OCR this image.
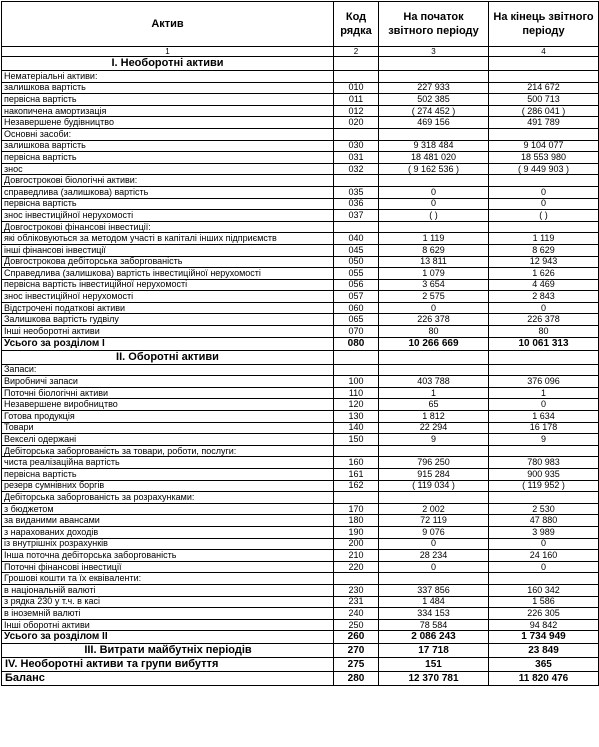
Актив	Код рядка	На початок звітного періоду	На кінець звітного періоду
1	2	3	4
І. Необоротні активи			
Нематеріальні активи:			
залишкова вартість	010	227 933	214 672
первісна вартість	011	502 385	500 713
накопичена амортизація	012	( 274 452 )	( 286 041 )
Незавершене будівництво	020	469 156	491 789
Основні засоби:			
залишкова вартість	030	9 318 484	9 104 077
первісна вартість	031	18 481 020	18 553 980
знос	032	( 9 162 536 )	( 9 449 903 )
Довгострокові біологічні активи:			
справедлива (залишкова) вартість	035	0	0
первісна вартість	036	0	0
знос інвестиційної нерухомості	037	( )	( )
Довгострокові фінансові інвестиції:			
які обліковуються за методом участі в капіталі інших підприємств	040	1 119	1 119
інші фінансові інвестиції	045	8 629	8 629
Довгострокова дебіторська заборгованість	050	13 811	12 943
Справедлива (залишкова) вартість інвестиційної нерухомості	055	1 079	1 626
первісна вартість інвестиційної нерухомості	056	3 654	4 469
знос інвестиційної нерухомості	057	2 575	2 843
Відстрочені податкові активи	060	0	0
Залишкова вартість гудвілу	065	226 378	226 378
Інші необоротні активи	070	80	80
Усього за розділом І	080	10 266 669	10 061 313
ІІ. Оборотні активи			
Запаси:			
Виробничі запаси	100	403 788	376 096
Поточні біологічні активи	110	1	1
Незавершене виробництво	120	65	0
Готова продукція	130	1 812	1 634
Товари	140	22 294	16 178
Векселі одержані	150	9	9
Дебіторська заборгованість за товари, роботи, послуги:			
чиста реалізаційна вартість	160	796 250	780 983
первісна вартість	161	915 284	900 935
резерв сумнівних боргів	162	( 119 034 )	( 119 952 )
Дебіторська заборгованість за розрахунками:			
з бюджетом	170	2 002	2 530
за виданими авансами	180	72 119	47 880
з нарахованих доходів	190	9 076	3 989
із внутрішніх розрахунків	200	0	0
Інша поточна дебіторська заборгованість	210	28 234	24 160
Поточні фінансові інвестиції	220	0	0
Грошові кошти та їх еквіваленти:			
в національній валюті	230	337 856	160 342
з рядка 230 у т.ч. в касі	231	1 484	1 586
в іноземній валюті	240	334 153	226 305
Інші оборотні активи	250	78 584	94 842
Усього за розділом ІІ	260	2 086 243	1 734 949
ІІІ. Витрати майбутніх періодів	270	17 718	23 849
IV. Необоротні активи та групи вибуття	275	151	365
Баланс	280	12 370 781	11 820 476
